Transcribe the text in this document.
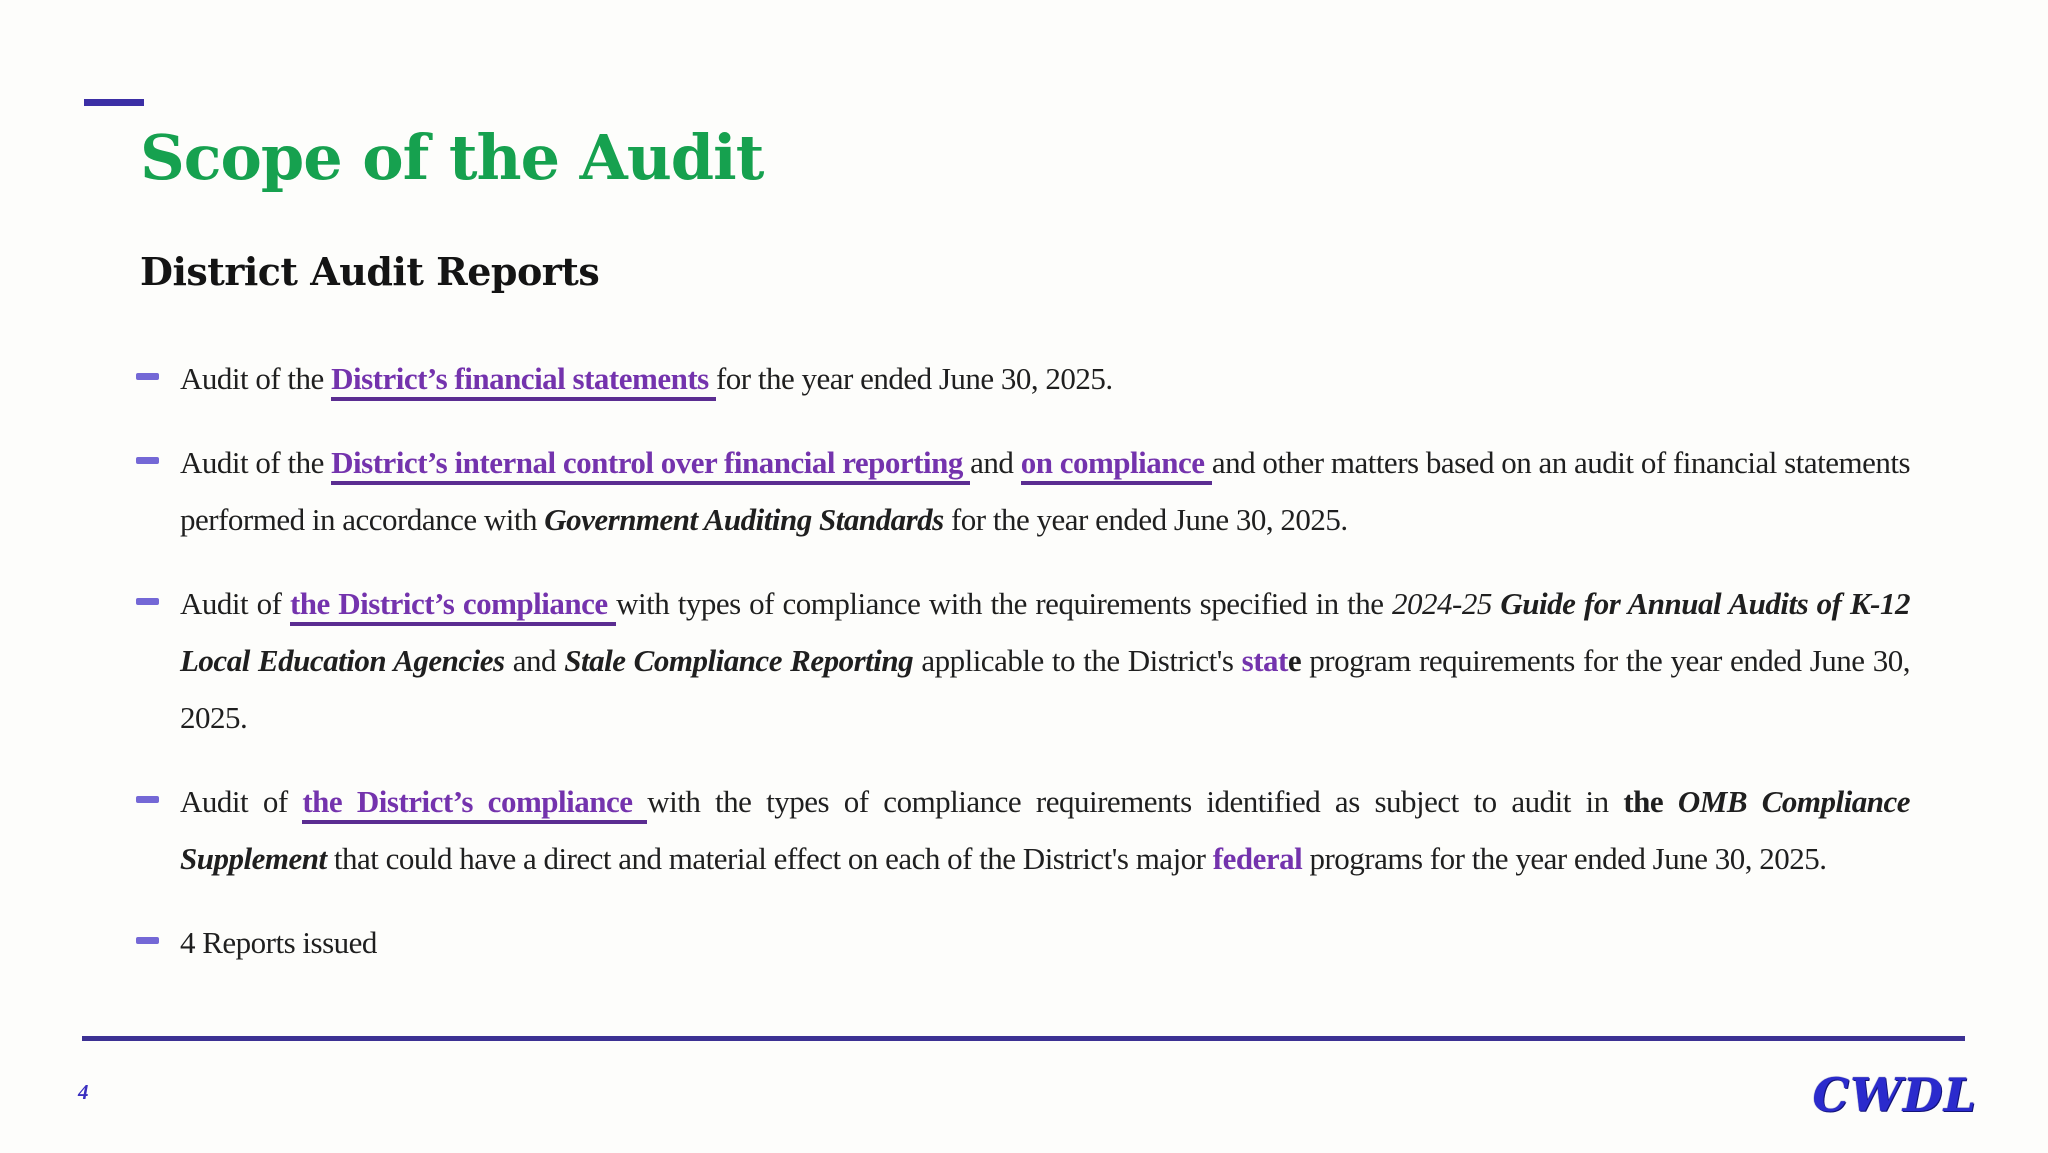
Scope of the Audit
District Audit Reports
Audit of the District’s financial statements for the year ended June 30, 2025.
Audit of the District’s internal control over financial reporting and on compliance and other matters based on an audit of financial statements performed in accordance with Government Auditing Standards for the year ended June 30, 2025.
Audit of the District’s compliance with types of compliance with the requirements specified in the 2024-25 Guide for Annual Audits of K-12 Local Education Agencies and Stale Compliance Reporting applicable to the District's state program requirements for the year ended June 30, 2025.
Audit of the District’s compliance with the types of compliance requirements identified as subject to audit in the OMB Compliance Supplement that could have a direct and material effect on each of the District's major federal programs for the year ended June 30, 2025.
4 Reports issued
4	CWDL
